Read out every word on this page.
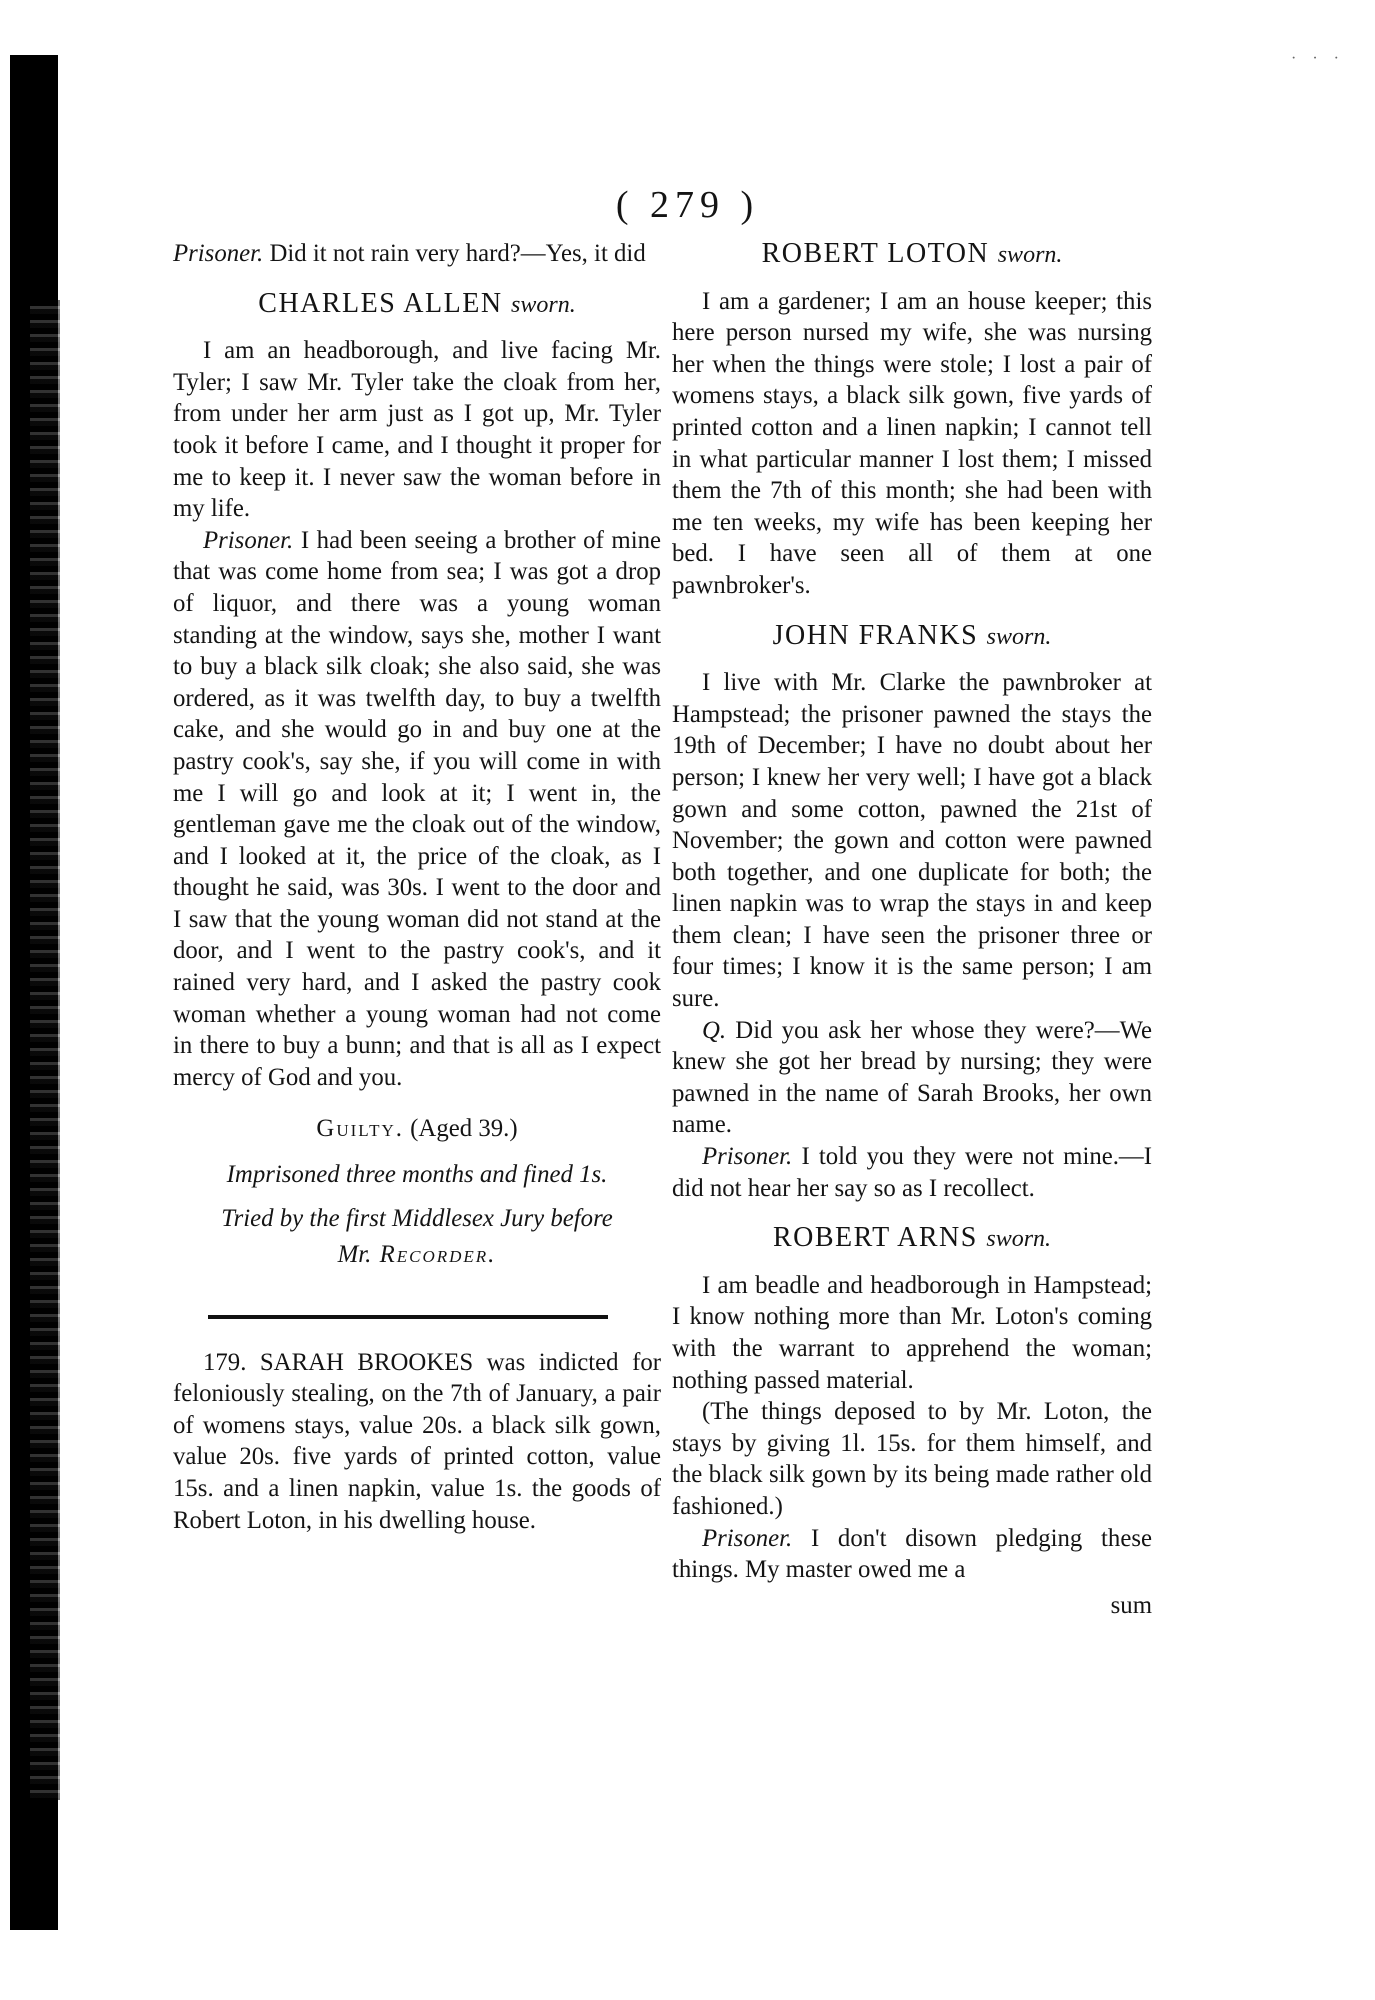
· · ·
( 279 )

Prisoner. Did it not rain very hard?—Yes, it did

CHARLES ALLEN sworn.

I am an headborough, and live facing Mr. Tyler; I saw Mr. Tyler take the cloak from her, from under her arm just as I got up, Mr. Tyler took it before I came, and I thought it proper for me to keep it. I never saw the woman before in my life.

Prisoner. I had been seeing a brother of mine that was come home from sea; I was got a drop of liquor, and there was a young woman standing at the window, says she, mother I want to buy a black silk cloak; she also said, she was ordered, as it was twelfth day, to buy a twelfth cake, and she would go in and buy one at the pastry cook's, say she, if you will come in with me I will go and look at it; I went in, the gentleman gave me the cloak out of the window, and I looked at it, the price of the cloak, as I thought he said, was 30s. I went to the door and I saw that the young woman did not stand at the door, and I went to the pastry cook's, and it rained very hard, and I asked the pastry cook woman whether a young woman had not come in there to buy a bunn; and that is all as I expect mercy of God and you.

Guilty. (Aged 39.)
Imprisoned three months and fined 1s.
Tried by the first Middlesex Jury before
Mr. Recorder.

179. SARAH BROOKES was indicted for feloniously stealing, on the 7th of January, a pair of womens stays, value 20s. a black silk gown, value 20s. five yards of printed cotton, value 15s. and a linen napkin, value 1s. the goods of Robert Loton, in his dwelling house.

ROBERT LOTON sworn.

I am a gardener; I am an house keeper; this here person nursed my wife, she was nursing her when the things were stole; I lost a pair of womens stays, a black silk gown, five yards of printed cotton and a linen napkin; I cannot tell in what particular manner I lost them; I missed them the 7th of this month; she had been with me ten weeks, my wife has been keeping her bed. I have seen all of them at one pawnbroker's.

JOHN FRANKS sworn.

I live with Mr. Clarke the pawnbroker at Hampstead; the prisoner pawned the stays the 19th of December; I have no doubt about her person; I knew her very well; I have got a black gown and some cotton, pawned the 21st of November; the gown and cotton were pawned both together, and one duplicate for both; the linen napkin was to wrap the stays in and keep them clean; I have seen the prisoner three or four times; I know it is the same person; I am sure.

Q. Did you ask her whose they were?—We knew she got her bread by nursing; they were pawned in the name of Sarah Brooks, her own name.

Prisoner. I told you they were not mine.—I did not hear her say so as I recollect.

ROBERT ARNS sworn.

I am beadle and headborough in Hampstead; I know nothing more than Mr. Loton's coming with the warrant to apprehend the woman; nothing passed material.

(The things deposed to by Mr. Loton, the stays by giving 1l. 15s. for them himself, and the black silk gown by its being made rather old fashioned.)

Prisoner. I don't disown pledging these things. My master owed me a

sum
